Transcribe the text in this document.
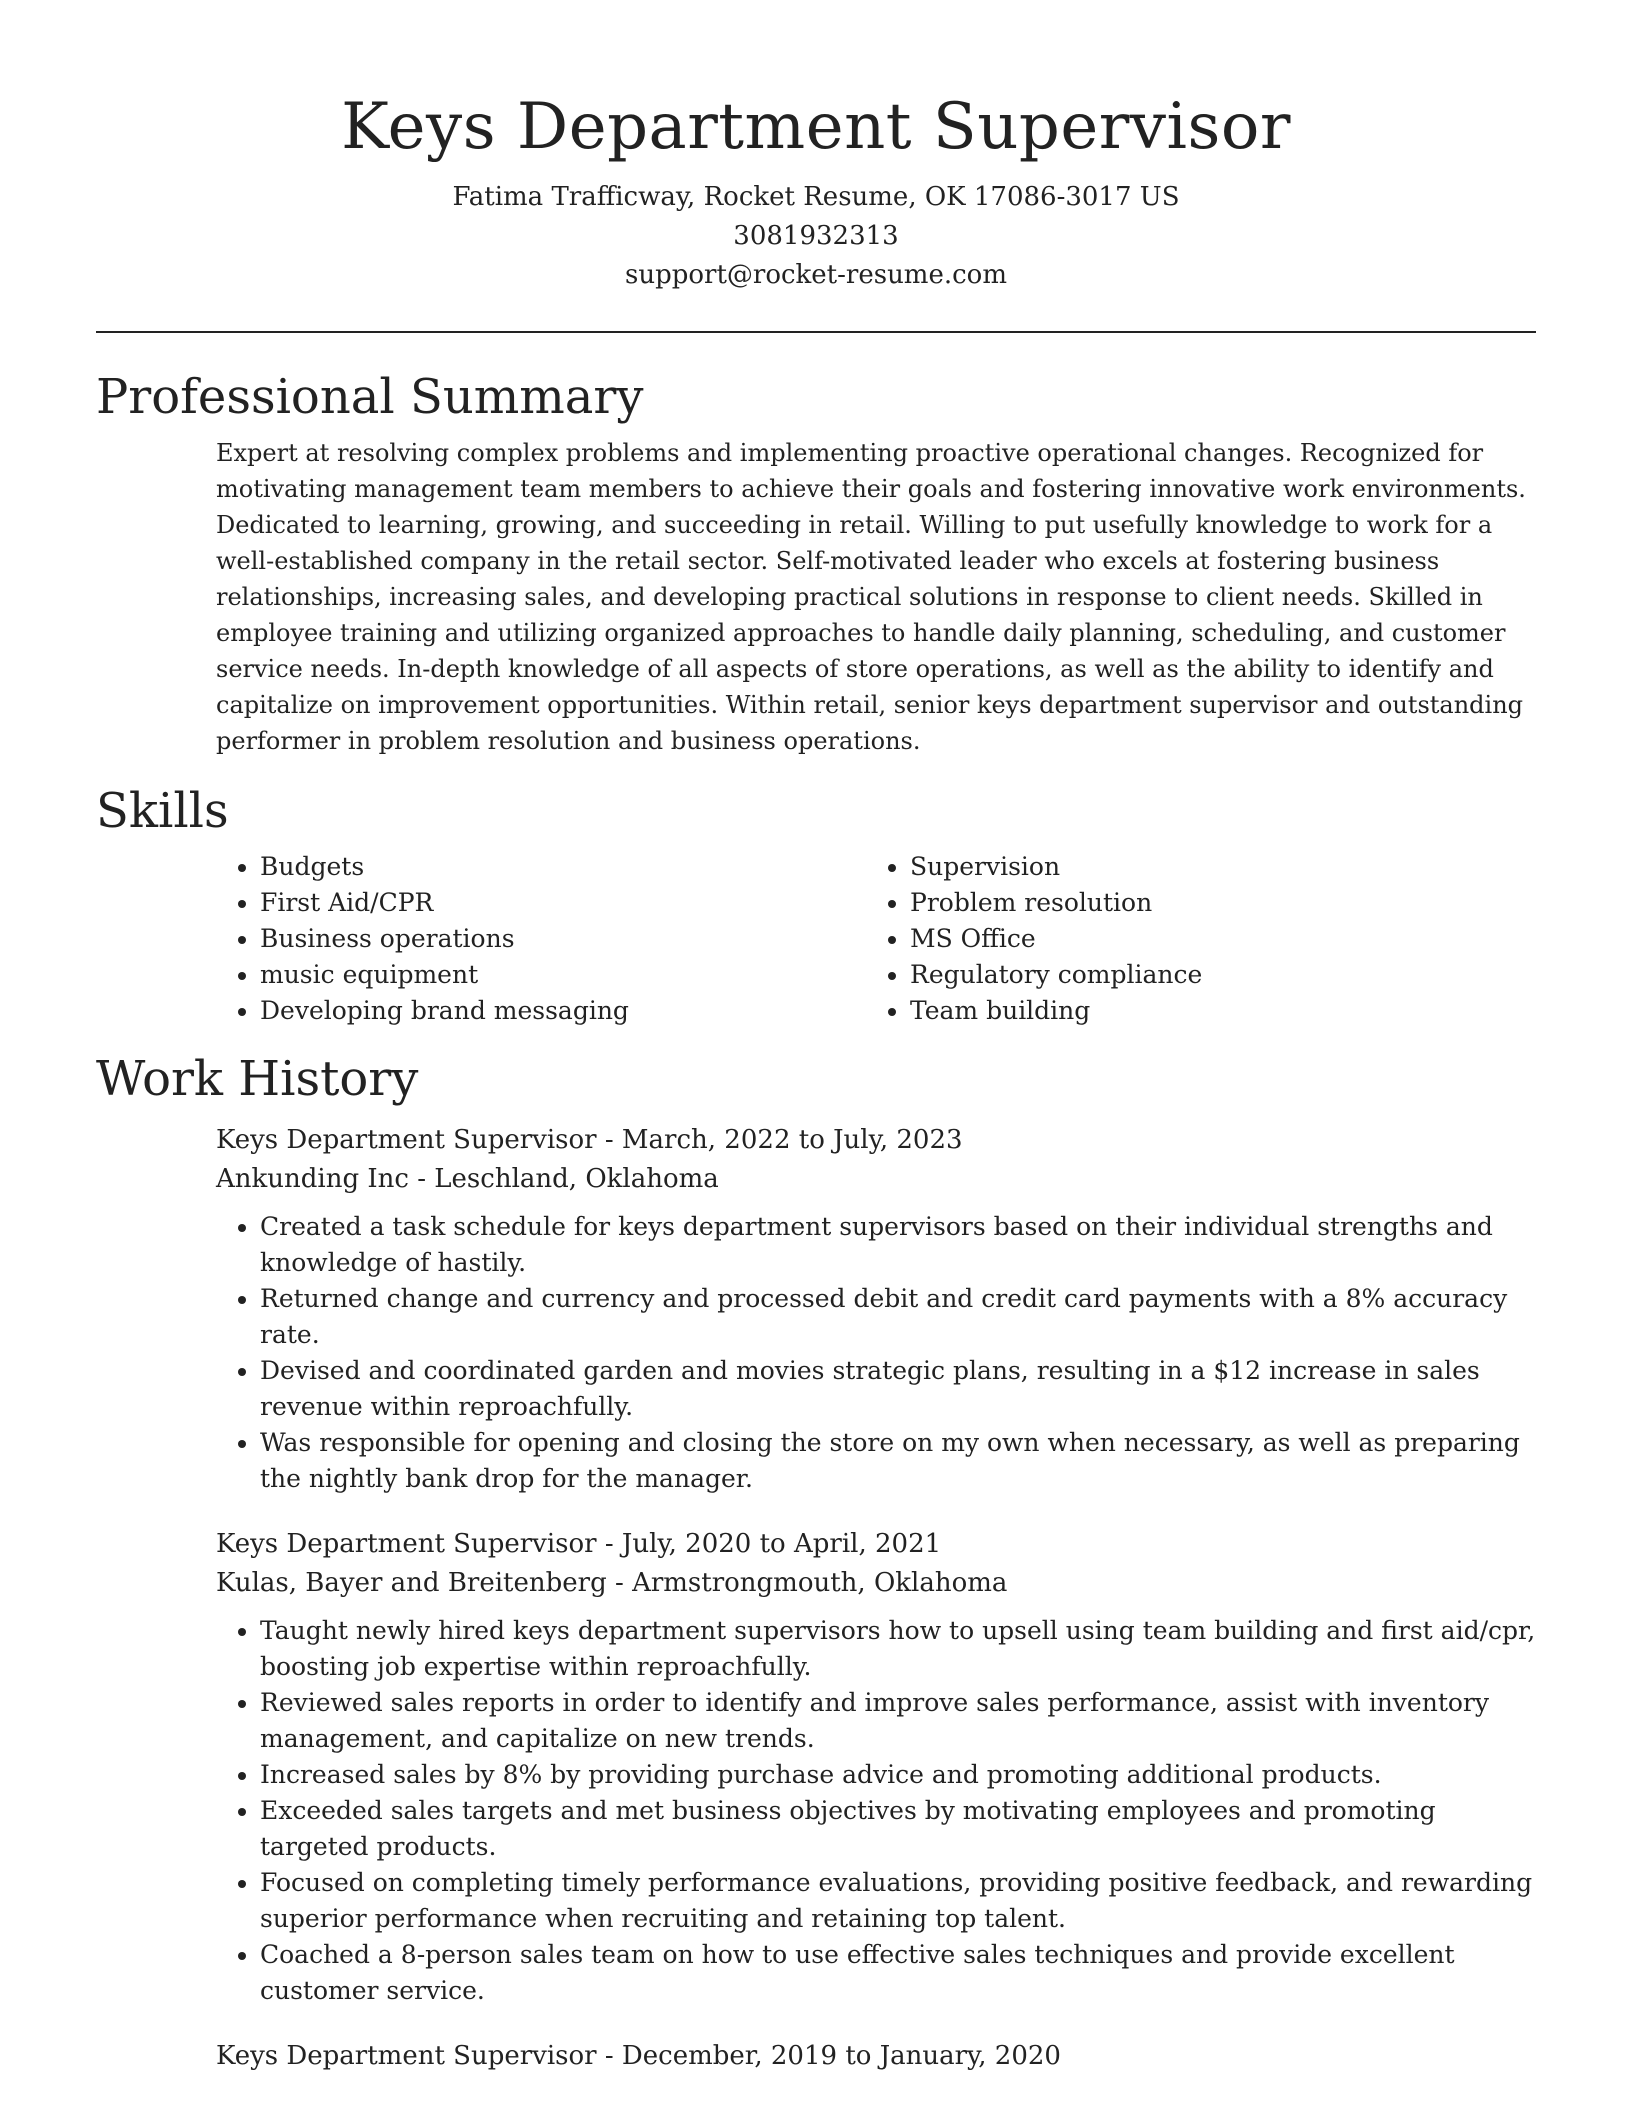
Keys Department Supervisor

Fatima Trafficway, Rocket Resume, OK 17086-3017 US

3081932313

support@rocket-resume.com

Professional Summary

Expert at resolving complex problems and implementing proactive operational changes. Recognized for motivating management team members to achieve their goals and fostering innovative work environments. Dedicated to learning, growing, and succeeding in retail. Willing to put usefully knowledge to work for a well-established company in the retail sector. Self-motivated leader who excels at fostering business relationships, increasing sales, and developing practical solutions in response to client needs. Skilled in employee training and utilizing organized approaches to handle daily planning, scheduling, and customer service needs. In-depth knowledge of all aspects of store operations, as well as the ability to identify and capitalize on improvement opportunities. Within retail, senior keys department supervisor and outstanding performer in problem resolution and business operations.

Skills
• Budgets
• First Aid/CPR
• Business operations
• music equipment
• Developing brand messaging
• Supervision
• Problem resolution
• MS Office
• Regulatory compliance
• Team building
Work History

Keys Department Supervisor - March, 2022 to July, 2023

Ankunding Inc - Leschland, Oklahoma

• Created a task schedule for keys department supervisors based on their individual strengths and knowledge of hastily.
• Returned change and currency and processed debit and credit card payments with a 8% accuracy rate.
• Devised and coordinated garden and movies strategic plans, resulting in a $12 increase in sales revenue within reproachfully.
• Was responsible for opening and closing the store on my own when necessary, as well as preparing the nightly bank drop for the manager.

Keys Department Supervisor - July, 2020 to April, 2021

Kulas, Bayer and Breitenberg - Armstrongmouth, Oklahoma

• Taught newly hired keys department supervisors how to upsell using team building and first aid/cpr, boosting job expertise within reproachfully.
• Reviewed sales reports in order to identify and improve sales performance, assist with inventory management, and capitalize on new trends.
• Increased sales by 8% by providing purchase advice and promoting additional products.
• Exceeded sales targets and met business objectives by motivating employees and promoting targeted products.
• Focused on completing timely performance evaluations, providing positive feedback, and rewarding superior performance when recruiting and retaining top talent.
• Coached a 8-person sales team on how to use effective sales techniques and provide excellent customer service.

Keys Department Supervisor - December, 2019 to January, 2020
